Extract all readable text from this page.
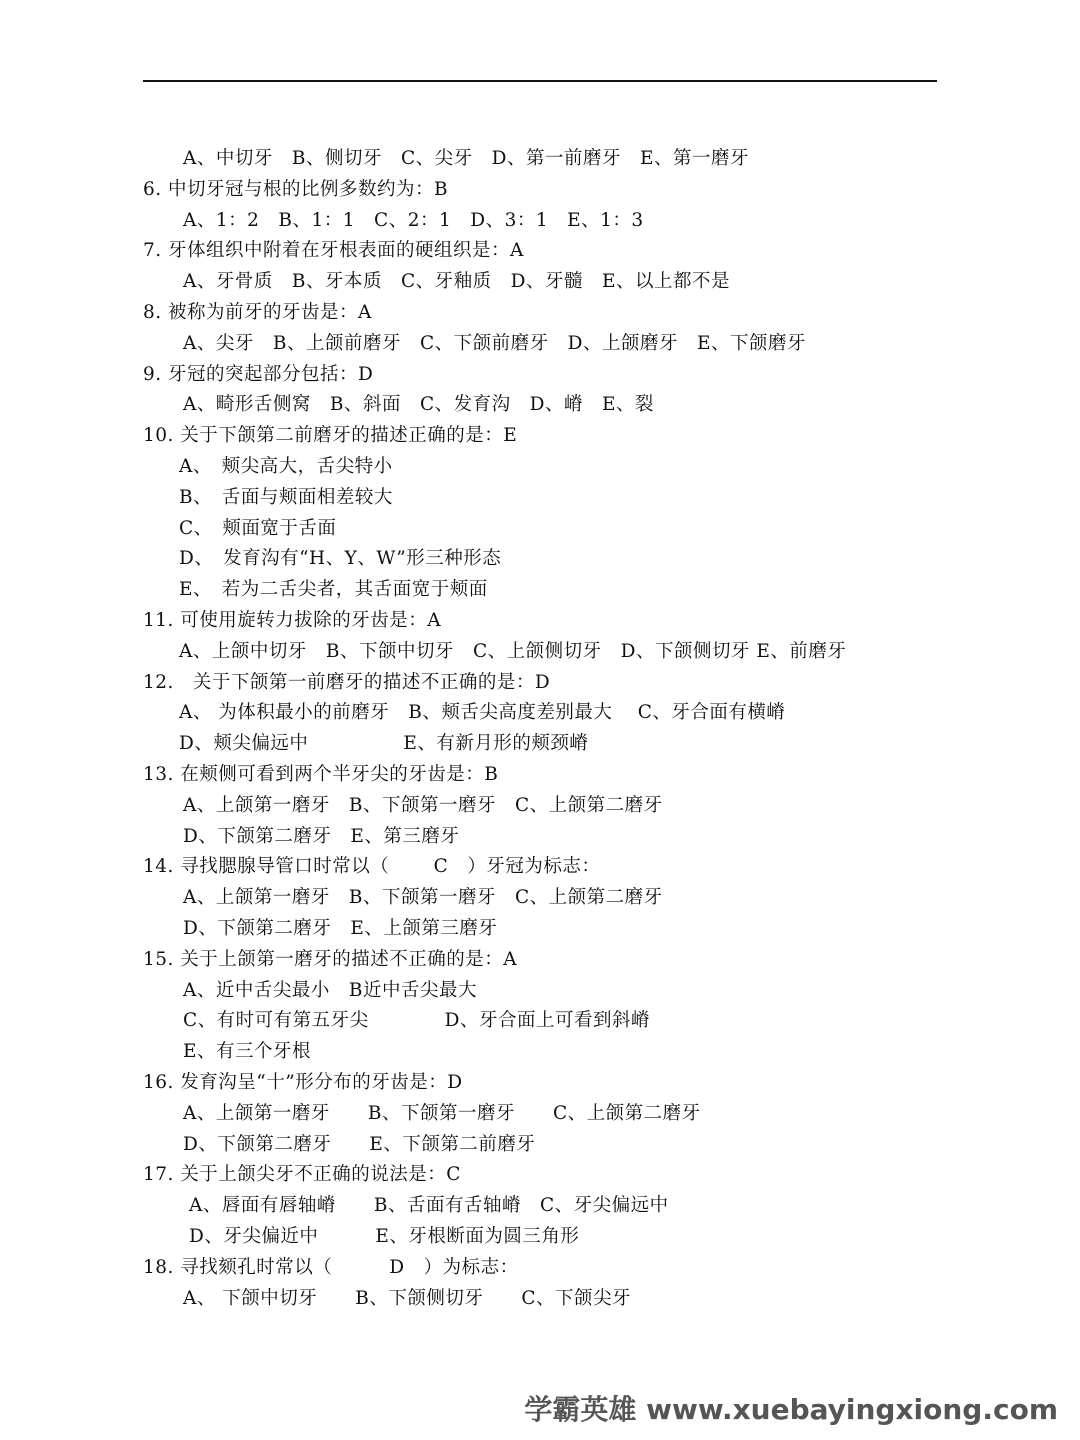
A、中切牙　B、侧切牙　C、尖牙　D、第一前磨牙　E、第一磨牙
6. 中切牙冠与根的比例多数约为：B
A、1：2　B、1：1　C、2：1　D、3：1　E、1：3
7. 牙体组织中附着在牙根表面的硬组织是：A
A、牙骨质　B、牙本质　C、牙釉质　D、牙髓　E、以上都不是
8. 被称为前牙的牙齿是：A
A、尖牙　B、上颌前磨牙　C、下颌前磨牙　D、上颌磨牙　E、下颌磨牙
9. 牙冠的突起部分包括：D
A、畸形舌侧窝　B、斜面　C、发育沟　D、嵴　E、裂
10. 关于下颌第二前磨牙的描述正确的是：E
A、　颊尖高大，舌尖特小
B、　舌面与颊面相差较大
C、　颊面宽于舌面
D、　发育沟有“H、Y、W”形三种形态
E、　若为二舌尖者，其舌面宽于颊面
11. 可使用旋转力拔除的牙齿是：A
A、上颌中切牙　B、下颌中切牙　C、上颌侧切牙　D、下颌侧切牙 E、前磨牙
12.　关于下颌第一前磨牙的描述不正确的是：D
A、 为体积最小的前磨牙　B、颊舌尖高度差别最大　 C、牙合面有横嵴
D、颊尖偏远中　　　　　E、有新月形的颊颈嵴
13. 在颊侧可看到两个半牙尖的牙齿是：B
A、上颌第一磨牙　B、下颌第一磨牙　C、上颌第二磨牙
D、下颌第二磨牙　E、第三磨牙
14. 寻找腮腺导管口时常以（　　 C　）牙冠为标志：
A、上颌第一磨牙　B、下颌第一磨牙　C、上颌第二磨牙
D、下颌第二磨牙　E、上颌第三磨牙
15. 关于上颌第一磨牙的描述不正确的是：A
A、近中舌尖最小　B近中舌尖最大
C、有时可有第五牙尖　　　　D、牙合面上可看到斜嵴
E、有三个牙根
16. 发育沟呈“十”形分布的牙齿是：D
A、上颌第一磨牙　　B、下颌第一磨牙　　C、上颌第二磨牙
D、下颌第二磨牙　　E、下颌第二前磨牙
17. 关于上颌尖牙不正确的说法是：C
A、唇面有唇轴嵴　　B、舌面有舌轴嵴　C、牙尖偏远中
D、牙尖偏近中　　　E、牙根断面为圆三角形
18. 寻找颏孔时常以（　　　D　）为标志：
A、 下颌中切牙　　B、下颌侧切牙　　C、下颌尖牙
学霸英雄 www.xuebayingxiong.com
